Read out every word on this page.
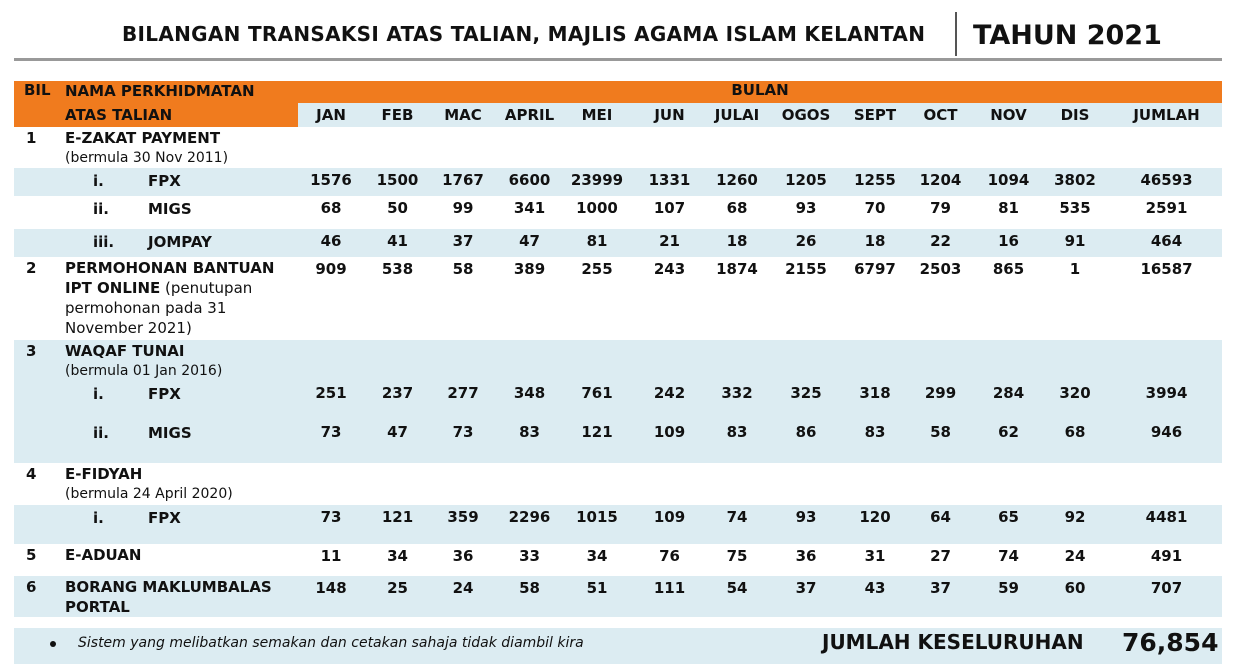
BILANGAN TRANSAKSI ATAS TALIAN, MAJLIS AGAMA ISLAM KELANTAN TAHUN 2021
BIL	NAMA PERKHIDMATAN	BULAN												
	ATAS TALIAN	JAN	FEB	MAC	APRIL	MEI	JUN	JULAI	OGOS	SEPT	OCT	NOV	DIS	JUMLAH
1	E-ZAKAT PAYMENT
(bermula 30 Nov 2011)													

	i. FPX	1576	1500	1767	6600	23999	1331	1260	1205	1255	1204	1094	3802	46593
	ii. MIGS	68	50	99	341	1000	107	68	93	70	79	81	535	2591
	iii. JOMPAY	46	41	37	47	81	21	18	26	18	22	16	91	464
2	PERMOHONAN BANTUAN IPT ONLINE (penutupan permohonan pada 31 November 2021)	909	538	58	389	255	243	1874	2155	6797	2503	865	1	16587
3	WAQAF TUNAI
(bermula 01 Jan 2016)													

	i. FPX	251	237	277	348	761	242	332	325	318	299	284	320	3994
	ii. MIGS	73	47	73	83	121	109	83	86	83	58	62	68	946
4	E-FIDYAH
(bermula 24 April 2020)													

	i. FPX	73	121	359	2296	1015	109	74	93	120	64	65	92	4481
5	E-ADUAN	11	34	36	33	34	76	75	36	31	27	74	24	491
6	BORANG MAKLUMBALAS PORTAL	148	25	24	58	51	111	54	37	43	37	59	60	707
Sistem yang melibatkan semakan dan cetakan sahaja tidak diambil kira	JUMLAH KESELURUHAN 76,854
